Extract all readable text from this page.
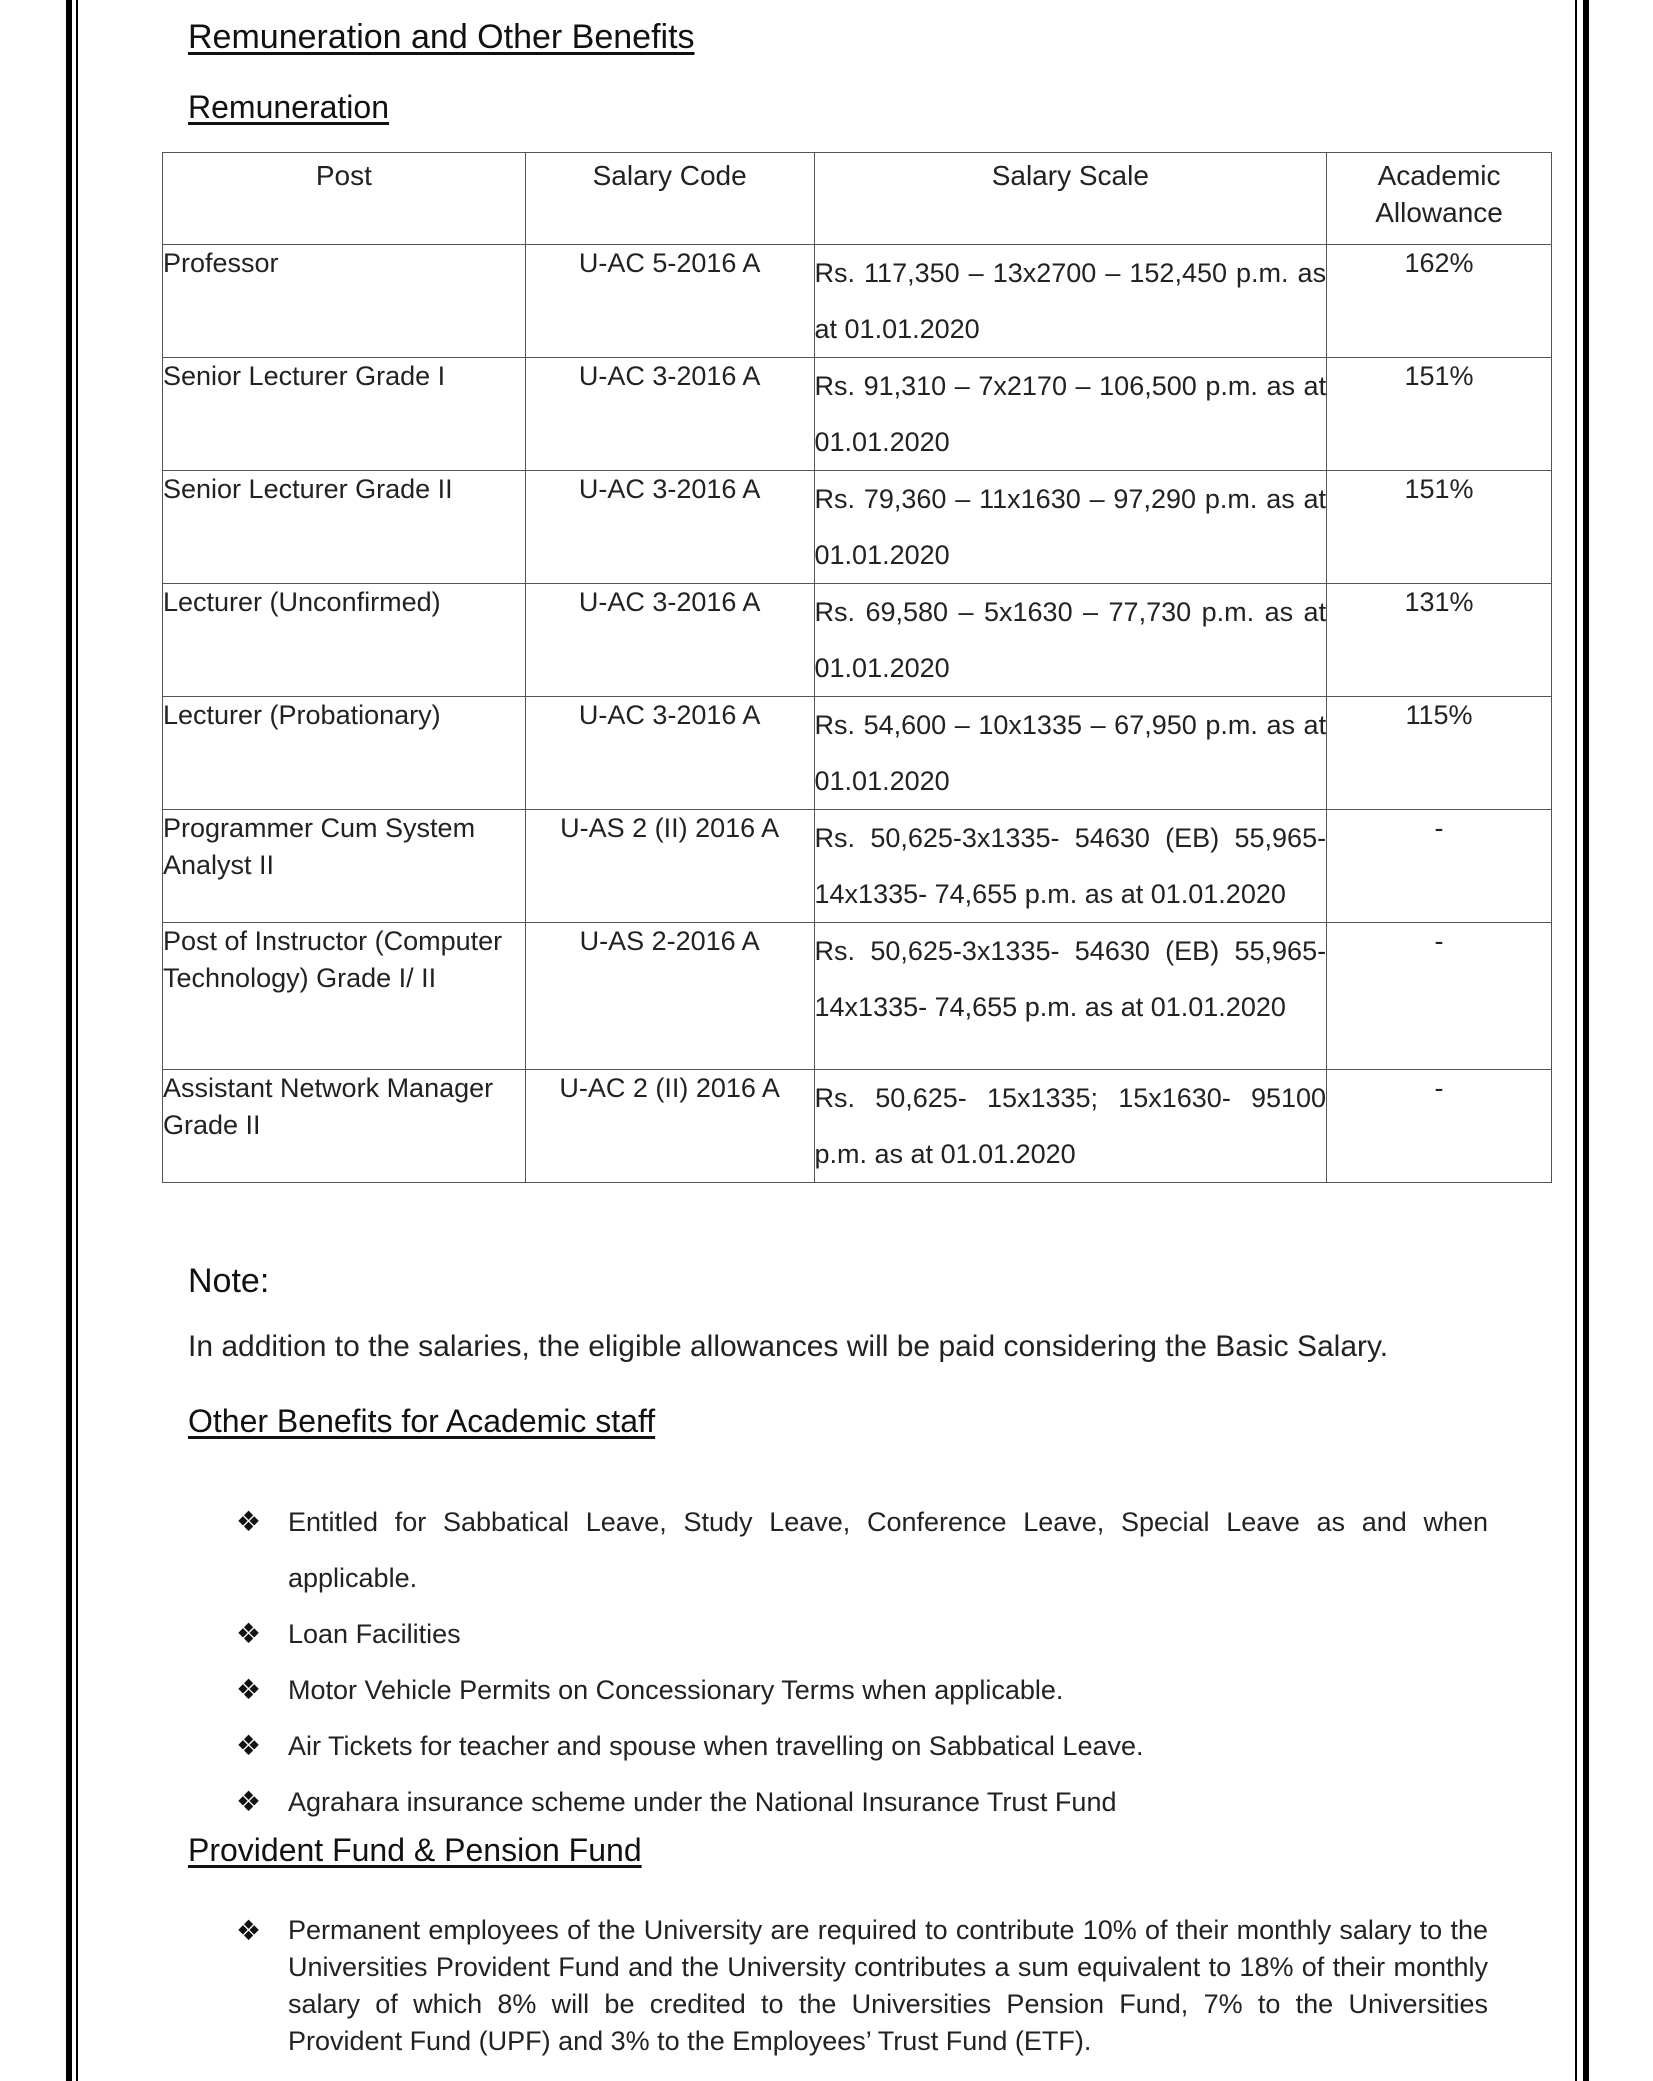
Remuneration and Other Benefits
Remuneration
Post	Salary Code	Salary Scale	Academic Allowance
Professor	U-AC 5-2016 A	Rs. 117,350 – 13x2700 – 152,450 p.m. as at 01.01.2020	162%
Senior Lecturer Grade I	U-AC 3-2016 A	Rs. 91,310 – 7x2170 – 106,500 p.m. as at 01.01.2020	151%
Senior Lecturer Grade II	U-AC 3-2016 A	Rs. 79,360 – 11x1630 – 97,290 p.m. as at 01.01.2020	151%
Lecturer (Unconfirmed)	U-AC 3-2016 A	Rs. 69,580 – 5x1630 – 77,730 p.m. as at 01.01.2020	131%
Lecturer (Probationary)	U-AC 3-2016 A	Rs. 54,600 – 10x1335 – 67,950 p.m. as at 01.01.2020	115%
Programmer Cum System Analyst II	U-AS 2 (II) 2016 A	Rs. 50,625-3x1335- 54630 (EB) 55,965-14x1335- 74,655 p.m. as at 01.01.2020	-
Post of Instructor (Computer Technology) Grade I/ II	U-AS 2-2016 A	Rs. 50,625-3x1335- 54630 (EB) 55,965-14x1335- 74,655 p.m. as at 01.01.2020	-
Assistant Network Manager Grade II	U-AC 2 (II) 2016 A	Rs. 50,625- 15x1335; 15x1630- 95100 p.m. as at 01.01.2020	-
Note:

In addition to the salaries, the eligible allowances will be paid considering the Basic Salary.

Other Benefits for Academic staff
❖ Entitled for Sabbatical Leave, Study Leave, Conference Leave, Special Leave as and when applicable.
❖ Loan Facilities
❖ Motor Vehicle Permits on Concessionary Terms when applicable.
❖ Air Tickets for teacher and spouse when travelling on Sabbatical Leave.
❖ Agrahara insurance scheme under the National Insurance Trust Fund
Provident Fund & Pension Fund
❖ Permanent employees of the University are required to contribute 10% of their monthly salary to the Universities Provident Fund and the University contributes a sum equivalent to 18% of their monthly salary of which 8% will be credited to the Universities Pension Fund, 7% to the Universities Provident Fund (UPF) and 3% to the Employees’ Trust Fund (ETF).
